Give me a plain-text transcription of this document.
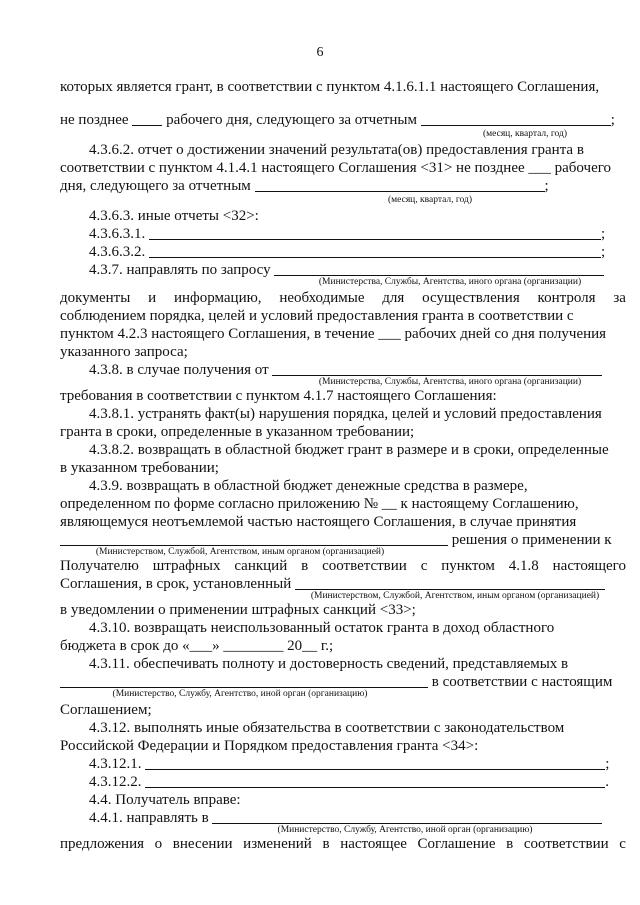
6
которых является грант, в соответствии с пунктом 4.1.6.1.1 настоящего Соглашения,
не позднее	рабочего дня, следующего за отчетным	;
(месяц, квартал, год)
4.3.6.2. отчет о достижении значений результата(ов) предоставления гранта в
соответствии с пунктом 4.1.4.1 настоящего Соглашения <31> не позднее ___ рабочего
дня, следующего за отчетным	;
(месяц, квартал, год)
4.3.6.3. иные отчеты <32>:
4.3.6.3.1.	;
4.3.6.3.2.	;
4.3.7. направлять по запросу
(Министерства, Службы, Агентства, иного органа (организации)
документы и информацию, необходимые для осуществления контроля за
соблюдением порядка, целей и условий предоставления гранта в соответствии с
пунктом 4.2.3 настоящего Соглашения, в течение ___ рабочих дней со дня получения
указанного запроса;
4.3.8. в случае получения от
(Министерства, Службы, Агентства, иного органа (организации)
требования в соответствии с пунктом 4.1.7 настоящего Соглашения:
4.3.8.1. устранять факт(ы) нарушения порядка, целей и условий предоставления
гранта в сроки, определенные в указанном требовании;
4.3.8.2. возвращать в областной бюджет грант в размере и в сроки, определенные
в указанном требовании;
4.3.9. возвращать в областной бюджет денежные средства в размере,
определенном по форме согласно приложению № __ к настоящему Соглашению,
являющемуся неотъемлемой частью настоящего Соглашения, в случае принятия
решения о применении к
(Министерством, Службой, Агентством, иным органом (организацией)
Получателю штрафных санкций в соответствии с пунктом 4.1.8 настоящего
Соглашения, в срок, установленный
(Министерством, Службой, Агентством, иным органом (организацией)
в уведомлении о применении штрафных санкций <33>;
4.3.10. возвращать неиспользованный остаток гранта в доход областного
бюджета в срок до «___» ________ 20__ г.;
4.3.11. обеспечивать полноту и достоверность сведений, представляемых в
в соответствии с настоящим
(Министерство, Службу, Агентство, иной орган (организацию)
Соглашением;
4.3.12. выполнять иные обязательства в соответствии с законодательством
Российской Федерации и Порядком предоставления гранта <34>:
4.3.12.1.	;
4.3.12.2.	.
4.4. Получатель вправе:
4.4.1. направлять в
(Министерство, Службу, Агентство, иной орган (организацию)
предложения о внесении изменений в настоящее Соглашение в соответствии с
